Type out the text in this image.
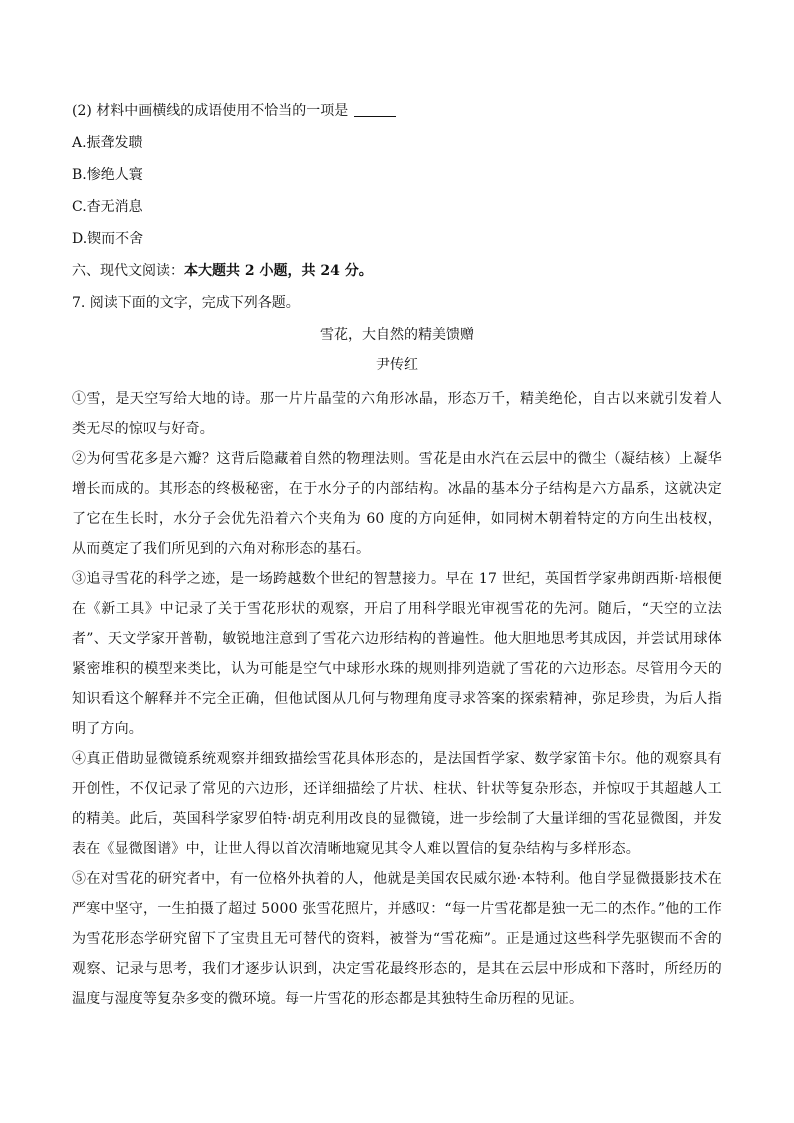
(2) 材料中画横线的成语使用不恰当的一项是
A.振聋发聩
B.惨绝人寰
C.杳无消息
D.锲而不舍
六、现代文阅读：本大题共 2 小题，共 24 分。
7. 阅读下面的文字，完成下列各题。
雪花，大自然的精美馈赠
尹传红

①雪，是天空写给大地的诗。那一片片晶莹的六角形冰晶，形态万千，精美绝伦，自古以来就引发着人类无尽的惊叹与好奇。

②为何雪花多是六瓣？这背后隐藏着自然的物理法则。雪花是由水汽在云层中的微尘（凝结核）上凝华增长而成的。其形态的终极秘密，在于水分子的内部结构。冰晶的基本分子结构是六方晶系，这就决定了它在生长时，水分子会优先沿着六个夹角为 60 度的方向延伸，如同树木朝着特定的方向生出枝杈，从而奠定了我们所见到的六角对称形态的基石。

③追寻雪花的科学之迹，是一场跨越数个世纪的智慧接力。早在 17 世纪，英国哲学家弗朗西斯·培根便在《新工具》中记录了关于雪花形状的观察，开启了用科学眼光审视雪花的先河。随后，“天空的立法者”、天文学家开普勒，敏锐地注意到了雪花六边形结构的普遍性。他大胆地思考其成因，并尝试用球体紧密堆积的模型来类比，认为可能是空气中球形水珠的规则排列造就了雪花的六边形态。尽管用今天的知识看这个解释并不完全正确，但他试图从几何与物理角度寻求答案的探索精神，弥足珍贵，为后人指明了方向。

④真正借助显微镜系统观察并细致描绘雪花具体形态的，是法国哲学家、数学家笛卡尔。他的观察具有开创性，不仅记录了常见的六边形，还详细描绘了片状、柱状、针状等复杂形态，并惊叹于其超越人工的精美。此后，英国科学家罗伯特·胡克利用改良的显微镜，进一步绘制了大量详细的雪花显微图，并发表在《显微图谱》中，让世人得以首次清晰地窥见其令人难以置信的复杂结构与多样形态。

⑤在对雪花的研究者中，有一位格外执着的人，他就是美国农民威尔逊·本特利。他自学显微摄影技术在严寒中坚守，一生拍摄了超过 5000 张雪花照片，并感叹：“每一片雪花都是独一无二的杰作。”他的工作为雪花形态学研究留下了宝贵且无可替代的资料，被誉为“雪花痴”。正是通过这些科学先驱锲而不舍的观察、记录与思考，我们才逐步认识到，决定雪花最终形态的，是其在云层中形成和下落时，所经历的温度与湿度等复杂多变的微环境。每一片雪花的形态都是其独特生命历程的见证。
